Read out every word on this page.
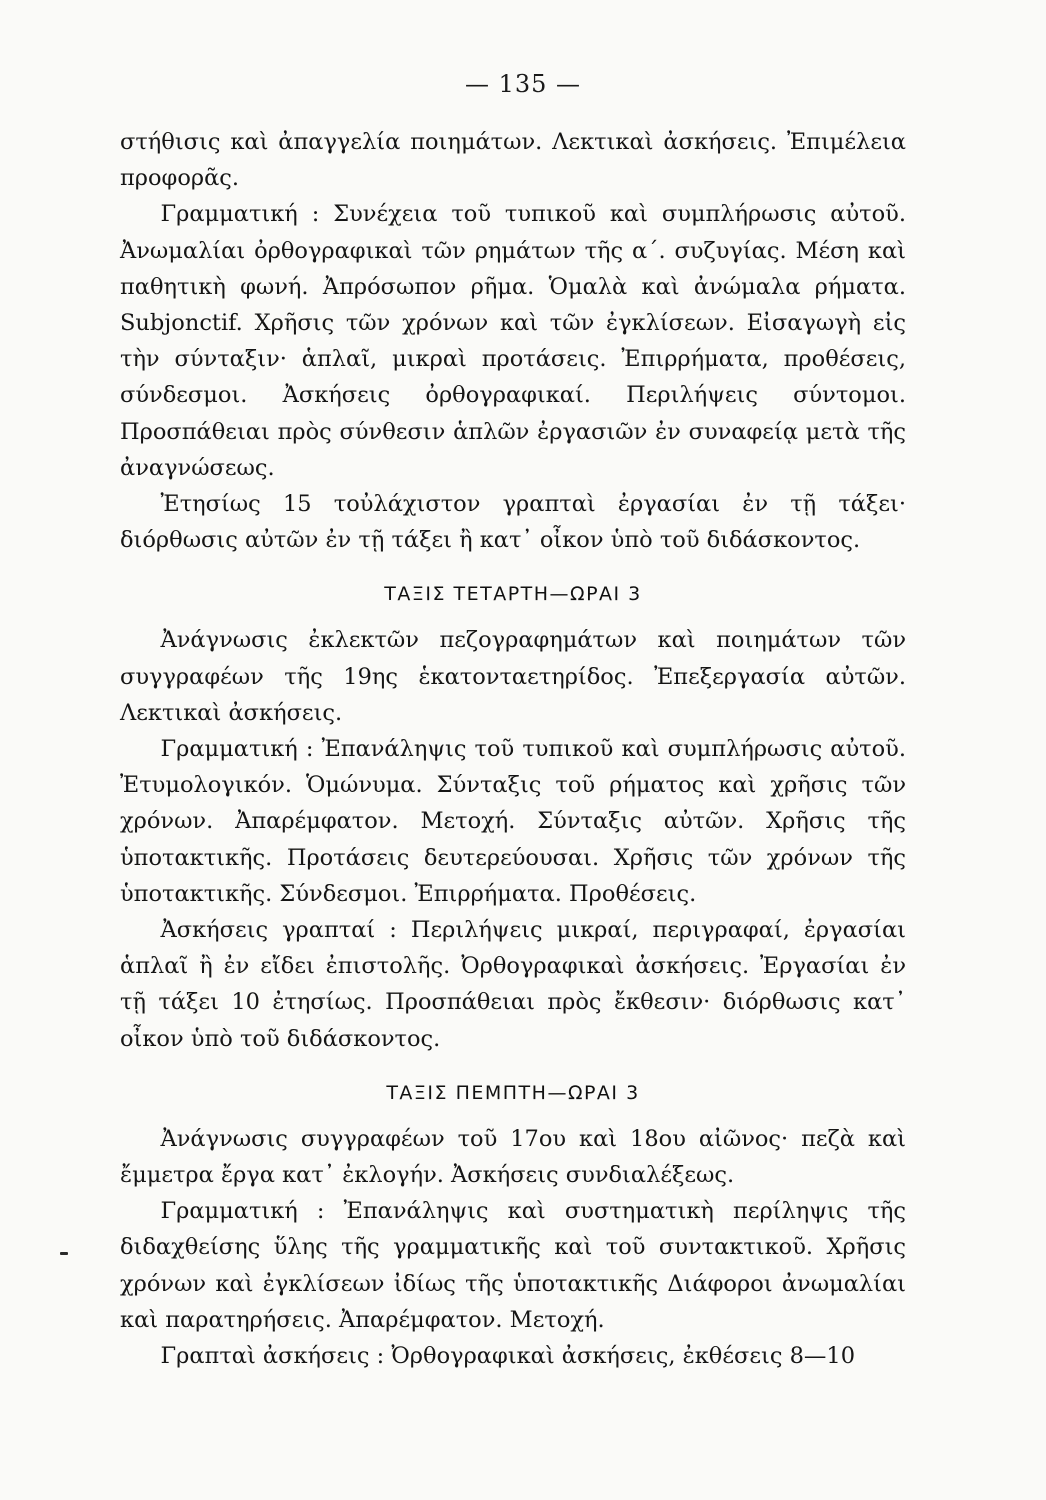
— 135 —

στήθισις καὶ ἀπαγγελία ποιημάτων. Λεκτικαὶ ἀσκήσεις. Ἐπιμέλεια προφορᾶς.

Γραμματική : Συνέχεια τοῦ τυπικοῦ καὶ συμπλήρωσις αὐτοῦ. Ἀνωμαλίαι ὀρθογραφικαὶ τῶν ρημάτων τῆς α΄. συζυγίας. Μέση καὶ παθητικὴ φωνή. Ἀπρόσωπον ρῆμα. Ὁμαλὰ καὶ ἀνώμαλα ρήματα. Subjonctif. Χρῆσις τῶν χρόνων καὶ τῶν ἐγκλίσεων. Εἰσαγωγὴ εἰς τὴν σύνταξιν· ἁπλαῖ, μικραὶ προτάσεις. Ἐπιρρήματα, προθέσεις, σύνδεσμοι. Ἀσκήσεις ὀρθογραφικαί. Περιλήψεις σύντομοι. Προσπάθειαι πρὸς σύνθεσιν ἁπλῶν ἐργασιῶν ἐν συναφείᾳ μετὰ τῆς ἀναγνώσεως.

Ἐτησίως 15 τοὐλάχιστον γραπταὶ ἐργασίαι ἐν τῇ τάξει· διόρθωσις αὐτῶν ἐν τῇ τάξει ἢ κατ᾽ οἶκον ὑπὸ τοῦ διδάσκοντος.

ΤΑΞΙΣ ΤΕΤΑΡΤΗ—ΩΡΑΙ 3

Ἀνάγνωσις ἐκλεκτῶν πεζογραφημάτων καὶ ποιημάτων τῶν συγγραφέων τῆς 19ης ἑκατονταετηρίδος. Ἐπεξεργασία αὐτῶν. Λεκτικαὶ ἀσκήσεις.

Γραμματική : Ἐπανάληψις τοῦ τυπικοῦ καὶ συμπλήρωσις αὐτοῦ. Ἐτυμολογικόν. Ὁμώνυμα. Σύνταξις τοῦ ρήματος καὶ χρῆσις τῶν χρόνων. Ἀπαρέμφατον. Μετοχή. Σύνταξις αὐτῶν. Χρῆσις τῆς ὑποτακτικῆς. Προτάσεις δευτερεύουσαι. Χρῆσις τῶν χρόνων τῆς ὑποτακτικῆς. Σύνδεσμοι. Ἐπιρρήματα. Προθέσεις.

Ἀσκήσεις γραπταί : Περιλήψεις μικραί, περιγραφαί, ἐργασίαι ἁπλαῖ ἢ ἐν εἴδει ἐπιστολῆς. Ὀρθογραφικαὶ ἀσκήσεις. Ἐργασίαι ἐν τῇ τάξει 10 ἐτησίως. Προσπάθειαι πρὸς ἔκθεσιν· διόρθωσις κατ᾽ οἶκον ὑπὸ τοῦ διδάσκοντος.

ΤΑΞΙΣ ΠΕΜΠΤΗ—ΩΡΑΙ 3

Ἀνάγνωσις συγγραφέων τοῦ 17ου καὶ 18ου αἰῶνος· πεζὰ καὶ ἔμμετρα ἔργα κατ᾽ ἐκλογήν. Ἀσκήσεις συνδιαλέξεως.

Γραμματική : Ἐπανάληψις καὶ συστηματικὴ περίληψις τῆς διδαχθείσης ὕλης τῆς γραμματικῆς καὶ τοῦ συντακτικοῦ. Χρῆσις χρόνων καὶ ἐγκλίσεων ἰδίως τῆς ὑποτακτικῆς Διάφοροι ἀνωμαλίαι καὶ παρατηρήσεις. Ἀπαρέμφατον. Μετοχή.

Γραπταὶ ἀσκήσεις : Ὀρθογραφικαὶ ἀσκήσεις, ἐκθέσεις 8—10
